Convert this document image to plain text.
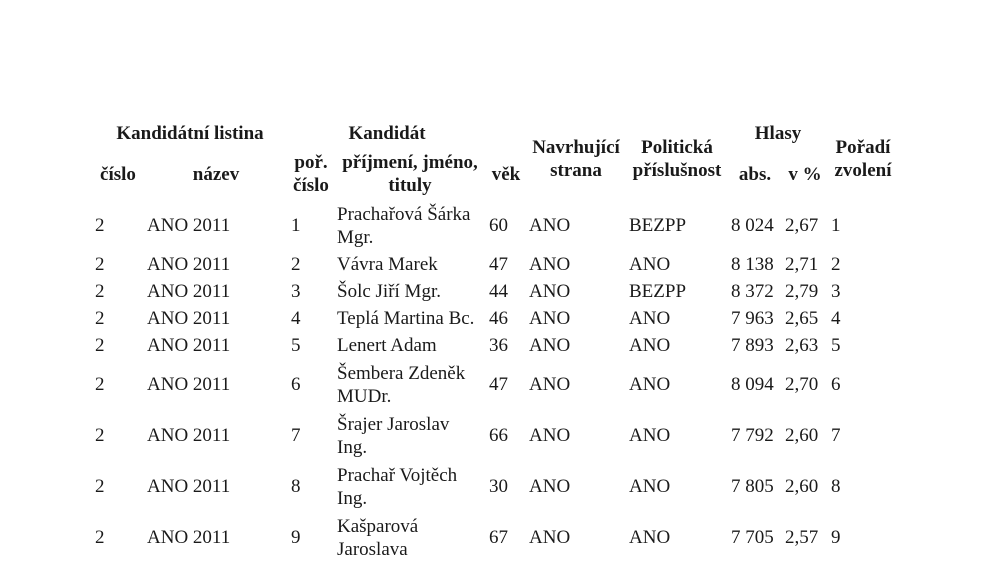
Kandidátní listina		Kandidát		věk	Navrhující strana	Politická příslušnost	Hlasy		Pořadí zvolení
číslo	název	poř. číslo	příjmení, jméno, tituly				abs.	v %	
2	ANO 2011	1	Prachařová Šárka Mgr.	60	ANO	BEZPP	8 024	2,67	1
2	ANO 2011	2	Vávra Marek	47	ANO	ANO	8 138	2,71	2
2	ANO 2011	3	Šolc Jiří Mgr.	44	ANO	BEZPP	8 372	2,79	3
2	ANO 2011	4	Teplá Martina Bc.	46	ANO	ANO	7 963	2,65	4
2	ANO 2011	5	Lenert Adam	36	ANO	ANO	7 893	2,63	5
2	ANO 2011	6	Šembera Zdeněk MUDr.	47	ANO	ANO	8 094	2,70	6
2	ANO 2011	7	Šrajer Jaroslav Ing.	66	ANO	ANO	7 792	2,60	7
2	ANO 2011	8	Prachař Vojtěch Ing.	30	ANO	ANO	7 805	2,60	8
2	ANO 2011	9	Kašparová Jaroslava	67	ANO	ANO	7 705	2,57	9
